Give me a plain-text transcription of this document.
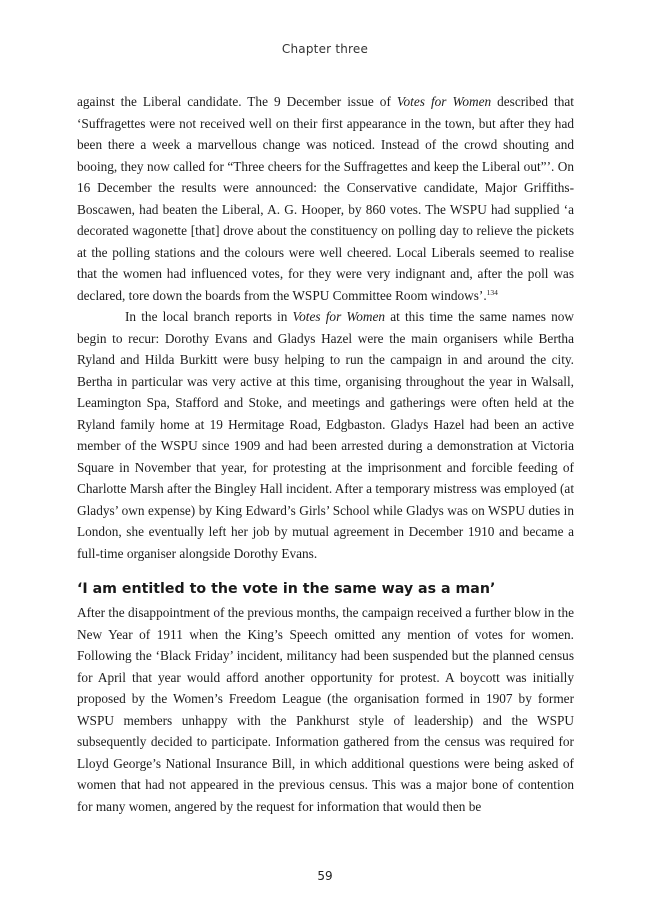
Chapter three

against the Liberal candidate. The 9 December issue of Votes for Women described that ‘Suffragettes were not received well on their first appearance in the town, but after they had been there a week a marvellous change was noticed. Instead of the crowd shouting and booing, they now called for “Three cheers for the Suffragettes and keep the Liberal out”’. On 16 December the results were announced: the Conservative candidate, Major Griffiths-Boscawen, had beaten the Liberal, A. G. Hooper, by 860 votes. The WSPU had supplied ‘a decorated wagonette [that] drove about the constituency on polling day to relieve the pickets at the polling stations and the colours were well cheered. Local Liberals seemed to realise that the women had influenced votes, for they were very indignant and, after the poll was declared, tore down the boards from the WSPU Committee Room windows’.$^{134}$

In the local branch reports in Votes for Women at this time the same names now begin to recur: Dorothy Evans and Gladys Hazel were the main organisers while Bertha Ryland and Hilda Burkitt were busy helping to run the campaign in and around the city. Bertha in particular was very active at this time, organising throughout the year in Walsall, Leamington Spa, Stafford and Stoke, and meetings and gatherings were often held at the Ryland family home at 19 Hermitage Road, Edgbaston. Gladys Hazel had been an active member of the WSPU since 1909 and had been arrested during a demonstration at Victoria Square in November that year, for protesting at the imprisonment and forcible feeding of Charlotte Marsh after the Bingley Hall incident. After a temporary mistress was employed (at Gladys’ own expense) by King Edward’s Girls’ School while Gladys was on WSPU duties in London, she eventually left her job by mutual agreement in December 1910 and became a full-time organiser alongside Dorothy Evans.

‘I am entitled to the vote in the same way as a man’

After the disappointment of the previous months, the campaign received a further blow in the New Year of 1911 when the King’s Speech omitted any mention of votes for women. Following the ‘Black Friday’ incident, militancy had been suspended but the planned census for April that year would afford another opportunity for protest. A boycott was initially proposed by the Women’s Freedom League (the organisation formed in 1907 by former WSPU members unhappy with the Pankhurst style of leadership) and the WSPU subsequently decided to participate. Information gathered from the census was required for Lloyd George’s National Insurance Bill, in which additional questions were being asked of women that had not appeared in the previous census. This was a major bone of contention for many women, angered by the request for information that would then be

59
